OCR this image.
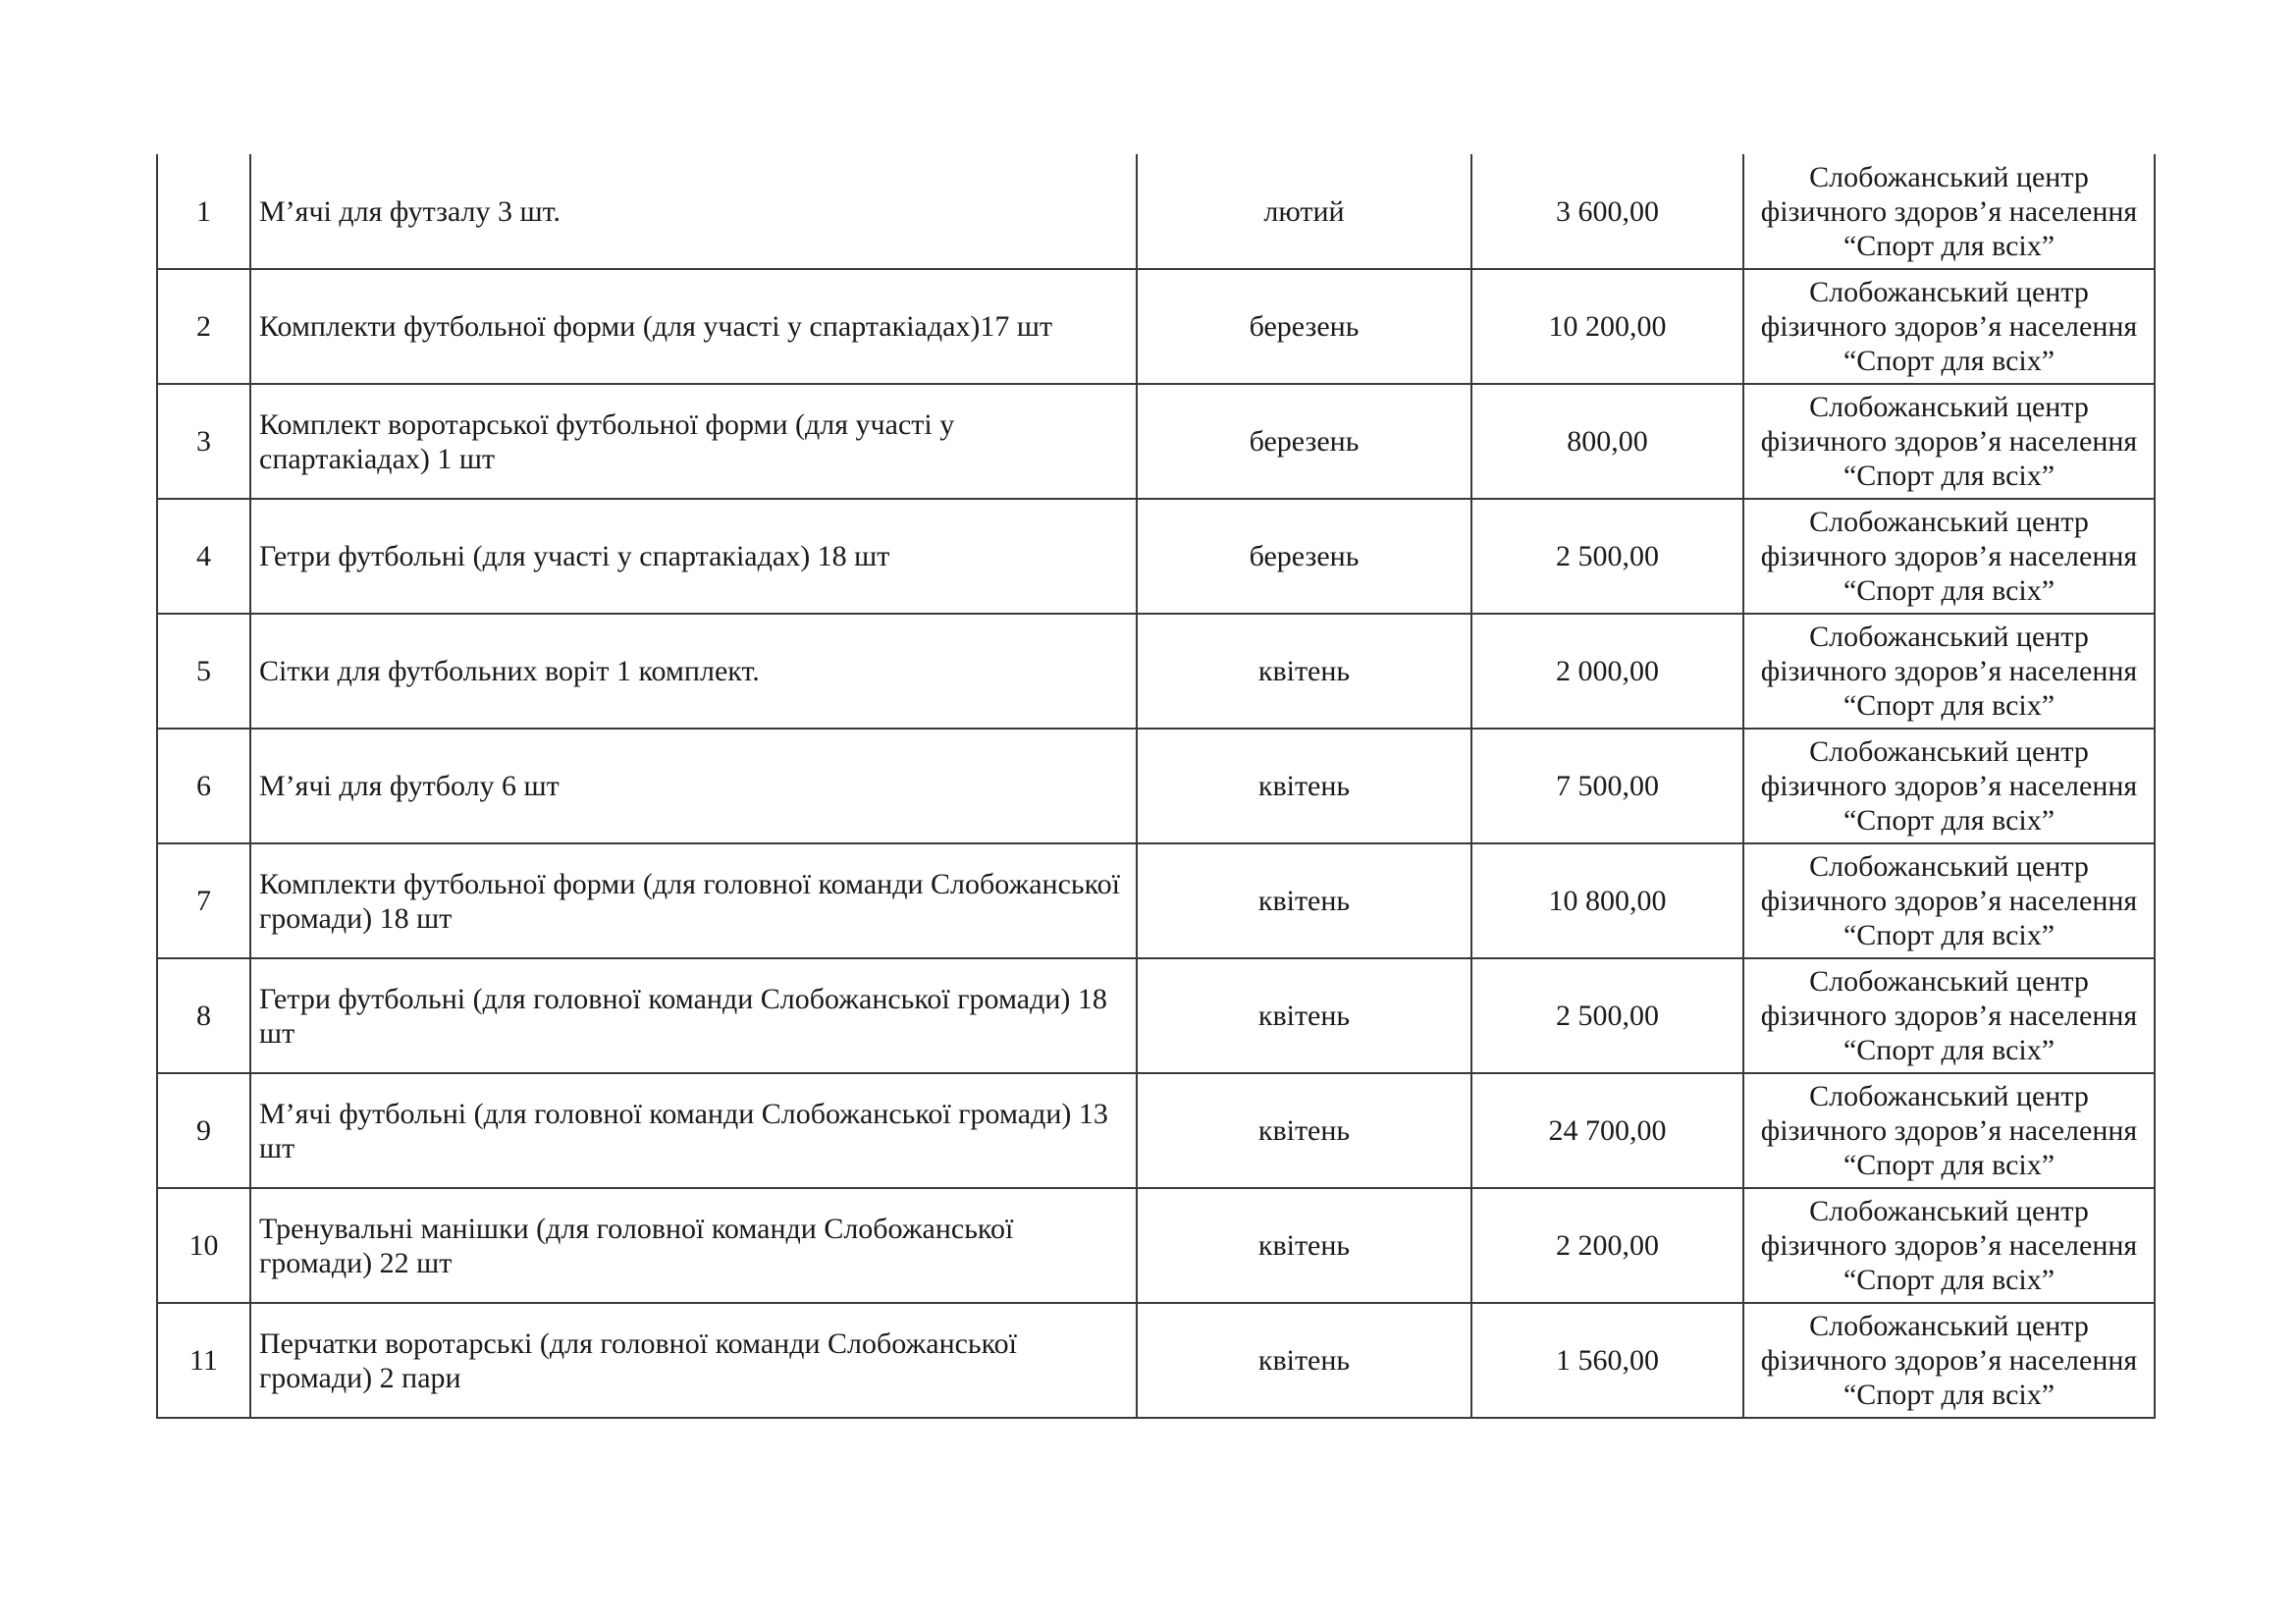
1	М’ячі для футзалу 3 шт.	лютий	3 600,00	Слобожанський центр
фізичного здоров’я населення
“Спорт для всіх”

2	Комплекти футбольної форми (для участі у спартакіадах)17 шт	березень	10 200,00	Слобожанський центр
фізичного здоров’я населення
“Спорт для всіх”

3	Комплект воротарської футбольної форми (для участі у спартакіадах) 1 шт	березень	800,00	Слобожанський центр
фізичного здоров’я населення
“Спорт для всіх”

4	Гетри футбольні (для участі у спартакіадах) 18 шт	березень	2 500,00	Слобожанський центр
фізичного здоров’я населення
“Спорт для всіх”

5	Сітки для футбольних воріт 1 комплект.	квітень	2 000,00	Слобожанський центр
фізичного здоров’я населення
“Спорт для всіх”

6	М’ячі для футболу 6 шт	квітень	7 500,00	Слобожанський центр
фізичного здоров’я населення
“Спорт для всіх”

7	Комплекти футбольної форми (для головної команди Слобожанської громади) 18 шт	квітень	10 800,00	Слобожанський центр
фізичного здоров’я населення
“Спорт для всіх”

8	Гетри футбольні (для головної команди Слобожанської громади) 18 шт	квітень	2 500,00	Слобожанський центр
фізичного здоров’я населення
“Спорт для всіх”

9	М’ячі футбольні (для головної команди Слобожанської громади) 13 шт	квітень	24 700,00	Слобожанський центр
фізичного здоров’я населення
“Спорт для всіх”

10	Тренувальні манішки (для головної команди Слобожанської громади) 22 шт	квітень	2 200,00	Слобожанський центр
фізичного здоров’я населення
“Спорт для всіх”

11	Перчатки воротарські (для головної команди Слобожанської громади) 2 пари	квітень	1 560,00	Слобожанський центр
фізичного здоров’я населення
“Спорт для всіх”
